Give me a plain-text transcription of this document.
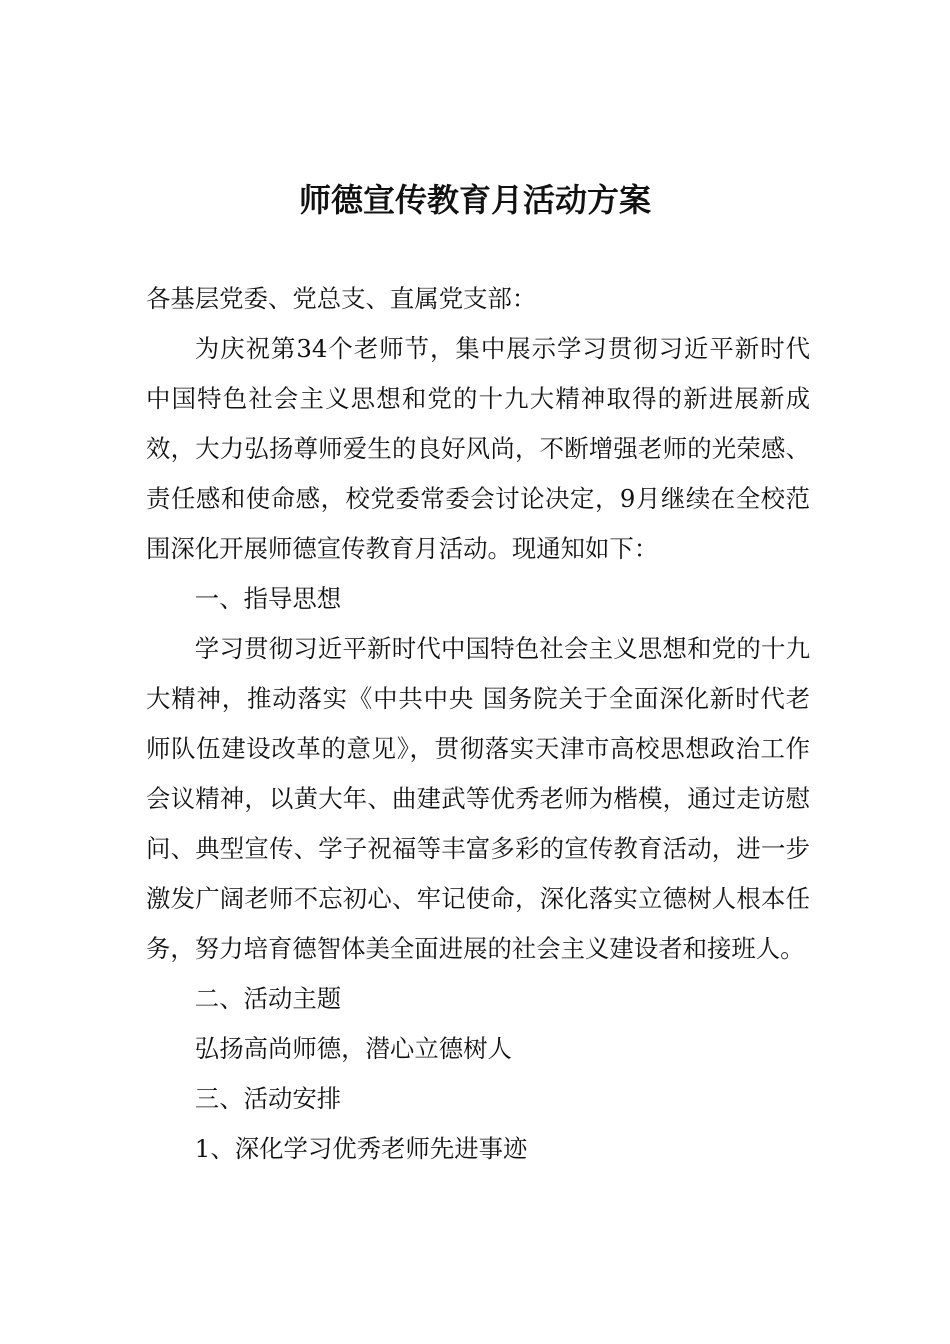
师德宣传教育月活动方案

各基层党委、党总支、直属党支部：

为庆祝第34个老师节，集中展示学习贯彻习近平新时代中国特色社会主义思想和党的十九大精神取得的新进展新成效，大力弘扬尊师爱生的良好风尚，不断增强老师的光荣感、责任感和使命感，校党委常委会讨论决定，9月继续在全校范围深化开展师德宣传教育月活动。现通知如下：

一、指导思想

学习贯彻习近平新时代中国特色社会主义思想和党的十九大精神，推动落实《中共中央 国务院关于全面深化新时代老师队伍建设改革的意见》，贯彻落实天津市高校思想政治工作会议精神，以黄大年、曲建武等优秀老师为楷模，通过走访慰问、典型宣传、学子祝福等丰富多彩的宣传教育活动，进一步激发广阔老师不忘初心、牢记使命，深化落实立德树人根本任务，努力培育德智体美全面进展的社会主义建设者和接班人。

二、活动主题

弘扬高尚师德，潜心立德树人

三、活动安排

1、深化学习优秀老师先进事迹
